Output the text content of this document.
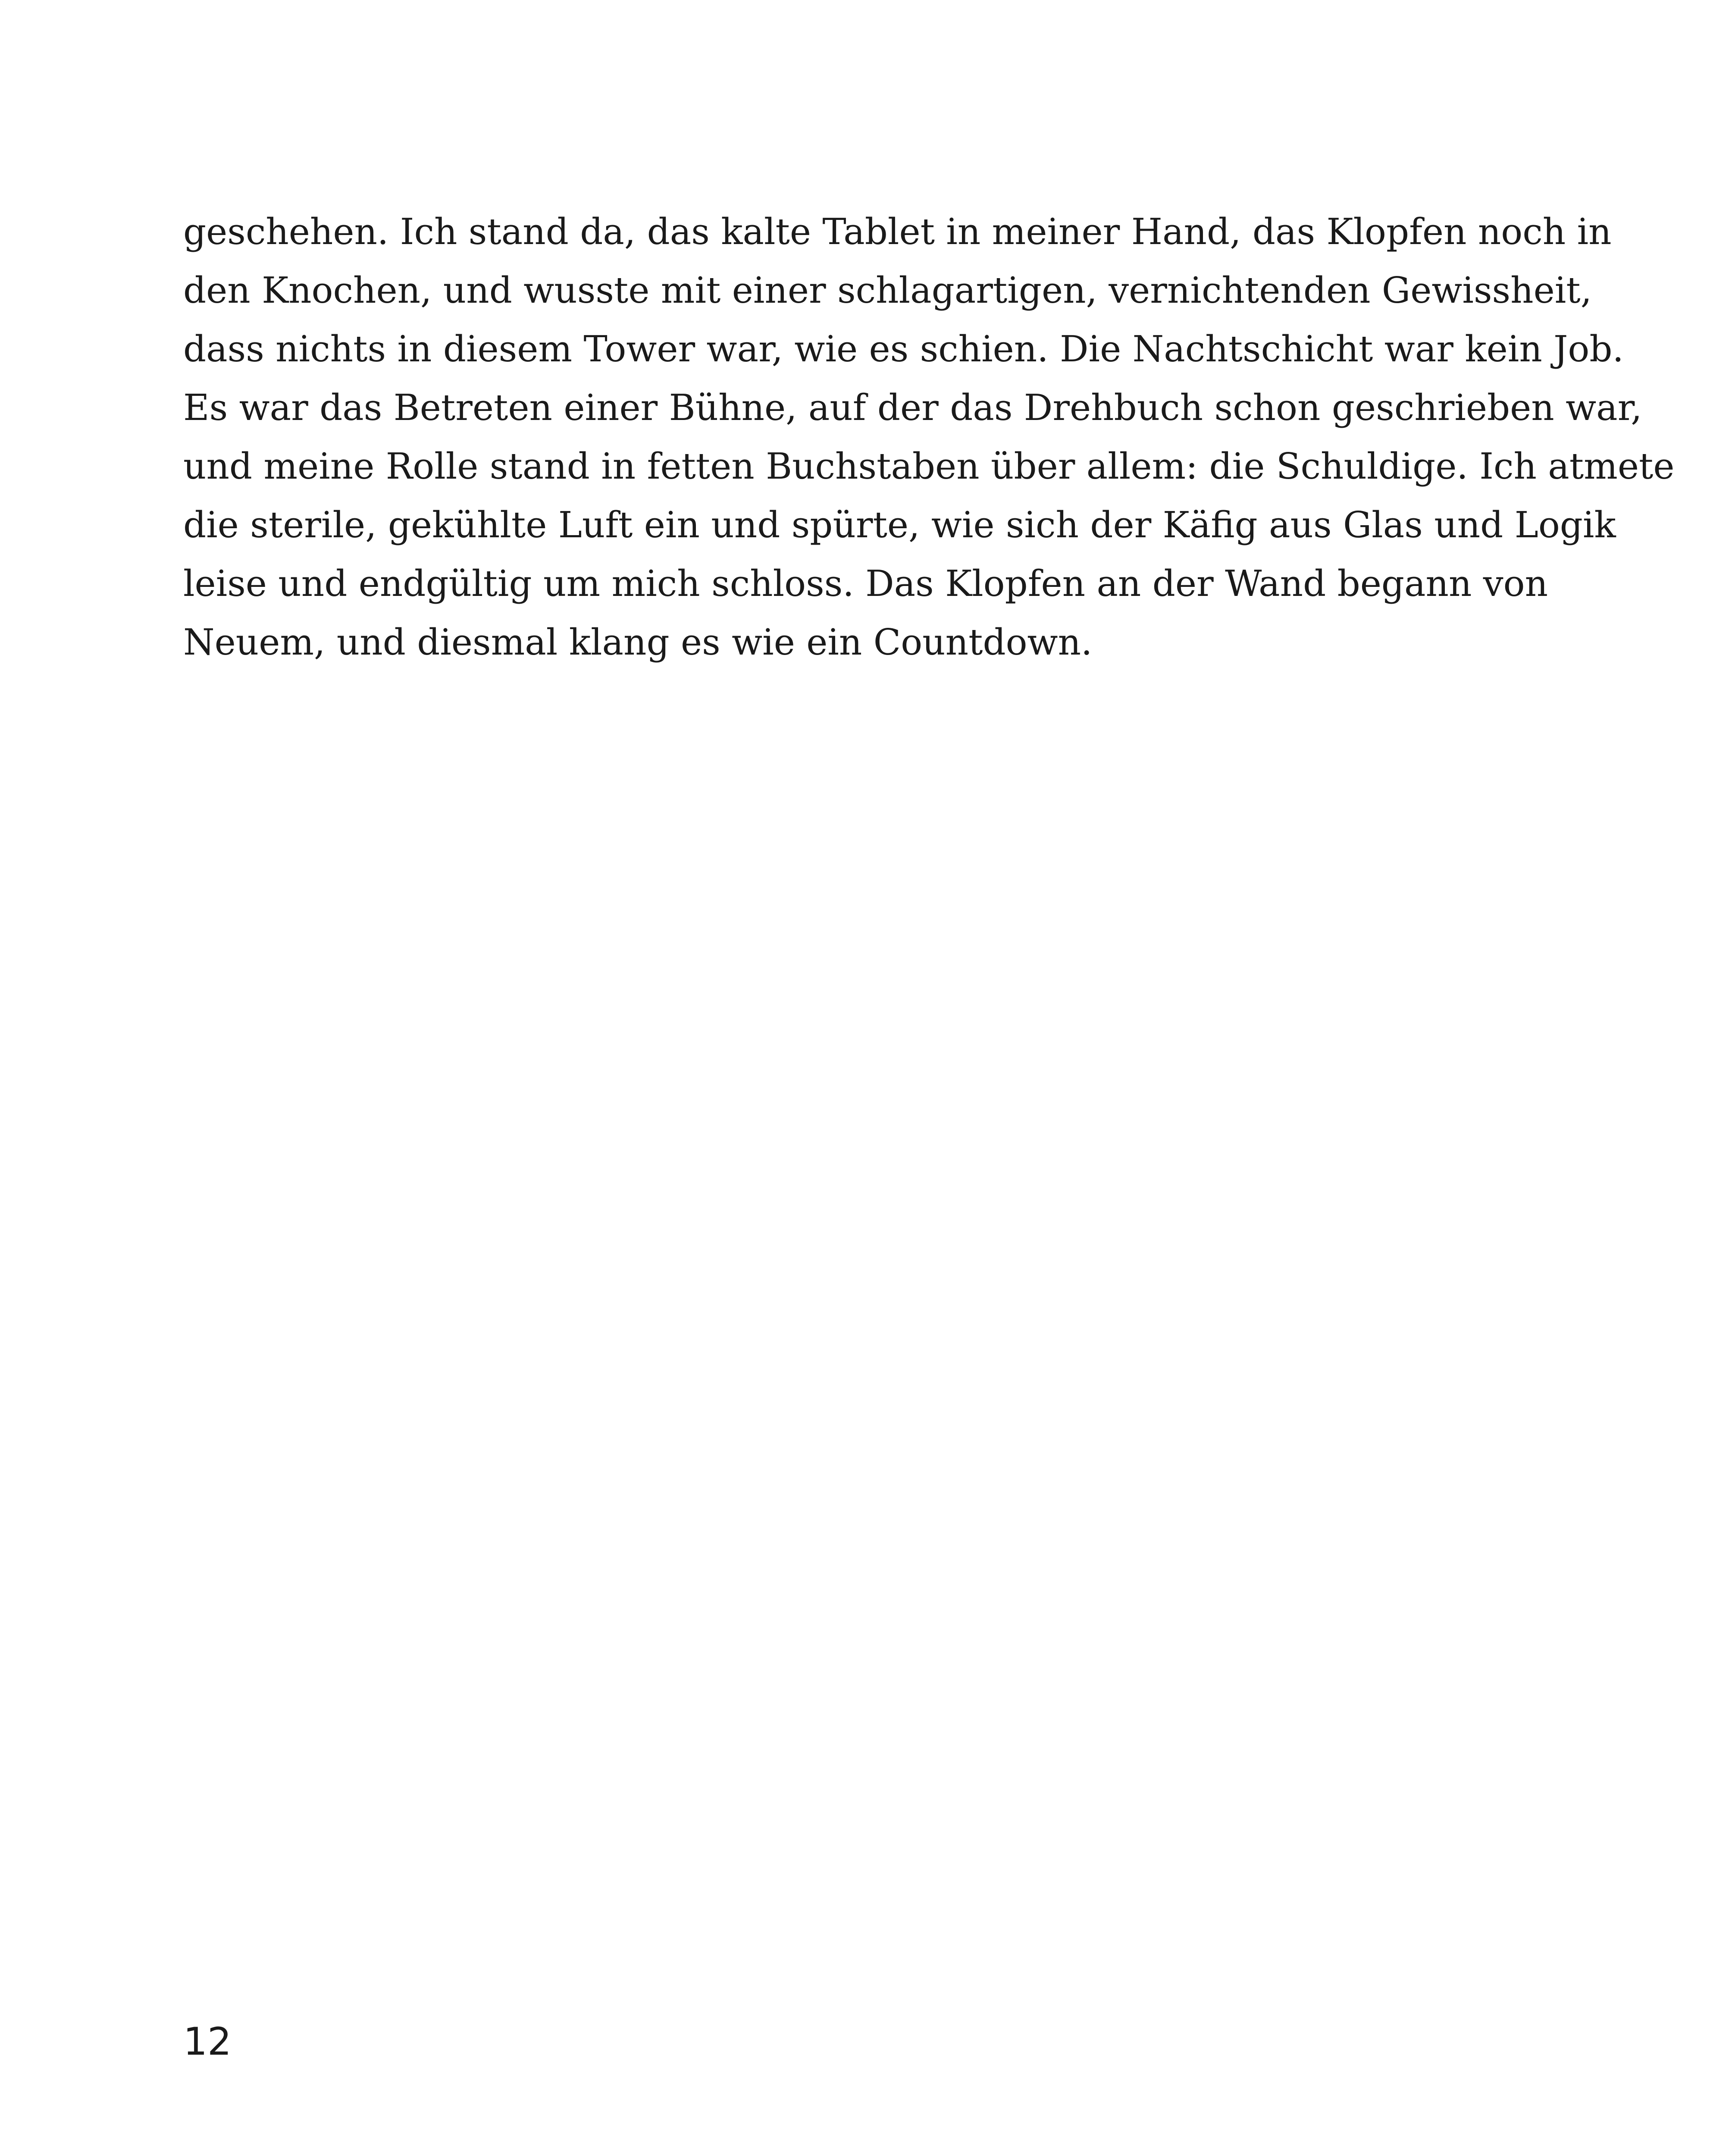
geschehen. Ich stand da, das kalte Tablet in meiner Hand, das Klopfen noch in
den Knochen, und wusste mit einer schlagartigen, vernichtenden Gewissheit,
dass nichts in diesem Tower war, wie es schien. Die Nachtschicht war kein Job.
Es war das Betreten einer Bühne, auf der das Drehbuch schon geschrieben war,
und meine Rolle stand in fetten Buchstaben über allem: die Schuldige. Ich atmete
die sterile, gekühlte Luft ein und spürte, wie sich der Käfig aus Glas und Logik
leise und endgültig um mich schloss. Das Klopfen an der Wand begann von
Neuem, und diesmal klang es wie ein Countdown.
12
